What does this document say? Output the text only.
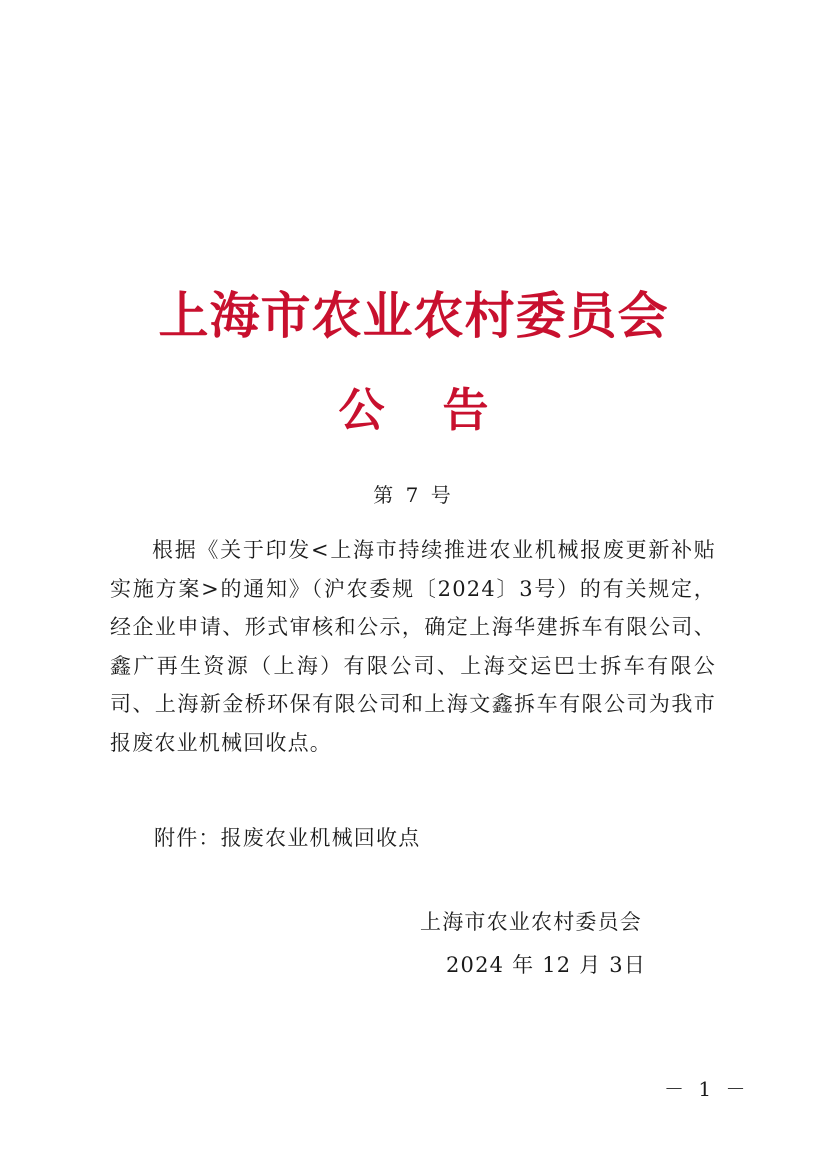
上海市农业农村委员会
公 告
第 7 号

根据《关于印发<上海市持续推进农业机械报废更新补贴实施方案>的通知》（沪农委规〔2024〕3号）的有关规定，经企业申请、形式审核和公示，确定上海华建拆车有限公司、鑫广再生资源（上海）有限公司、上海交运巴士拆车有限公司、上海新金桥环保有限公司和上海文鑫拆车有限公司为我市报废农业机械回收点。

附件：报废农业机械回收点
上海市农业农村委员会
2024 年 12 月 3日
－ 1 －
